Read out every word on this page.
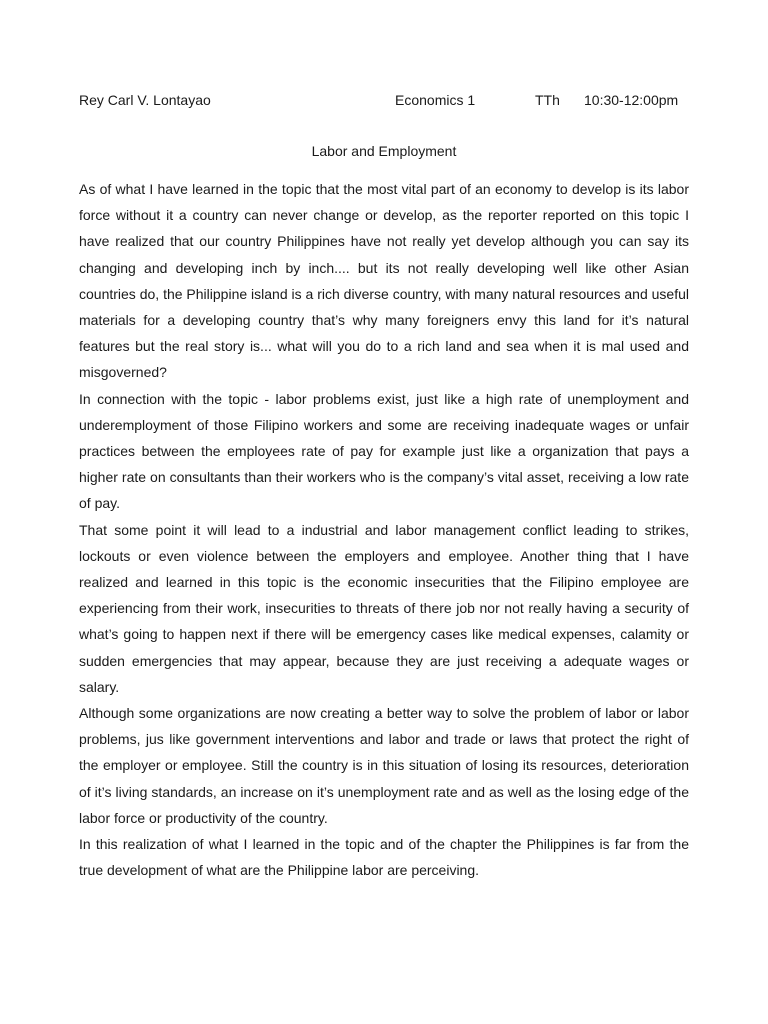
Rey Carl V. Lontayao	Economics 1	TTh 10:30-12:00pm
Labor and Employment

As of what I have learned in the topic that the most vital part of an economy to develop is its labor force without it a country can never change or develop, as the reporter reported on this topic I have realized that our country Philippines have not really yet develop although you can say its changing and developing inch by inch.... but its not really developing well like other Asian countries do, the Philippine island is a rich diverse country, with many natural resources and useful materials for a developing country that’s why many foreigners envy this land for it’s natural features but the real story is... what will you do to a rich land and sea when it is mal used and misgoverned?

In connection with the topic - labor problems exist, just like a high rate of unemployment and underemployment of those Filipino workers and some are receiving inadequate wages or unfair practices between the employees rate of pay for example just like a organization that pays a higher rate on consultants than their workers who is the company’s vital asset, receiving a low rate of pay.

That some point it will lead to a industrial and labor management conflict leading to strikes, lockouts or even violence between the employers and employee. Another thing that I have realized and learned in this topic is the economic insecurities that the Filipino employee are experiencing from their work, insecurities to threats of there job nor not really having a security of what’s going to happen next if there will be emergency cases like medical expenses, calamity or sudden emergencies that may appear, because they are just receiving a adequate wages or salary.

Although some organizations are now creating a better way to solve the problem of labor or labor problems, jus like government interventions and labor and trade or laws that protect the right of the employer or employee. Still the country is in this situation of losing its resources, deterioration of it’s living standards, an increase on it’s unemployment rate and as well as the losing edge of the labor force or productivity of the country.

In this realization of what I learned in the topic and of the chapter the Philippines is far from the true development of what are the Philippine labor are perceiving.
